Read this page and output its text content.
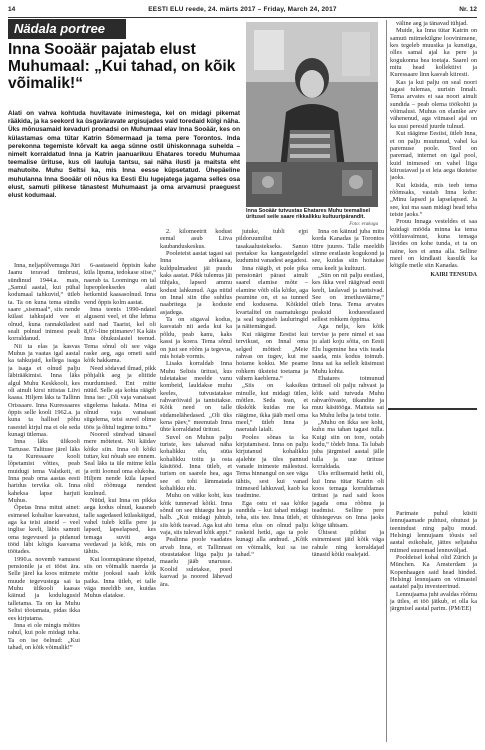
14	EESTI ELU reede, 24. märts 2017 – Friday, March 24, 2017	Nr. 12
Nädala portree
Inna Sooäär pajatab elust Muhumaal: „Kui tahad, on kõik võimalik!“
Alati on vahva kohtuda huvitavate inimestega, kel on midagi pikemat rääkida, ja ka seekord ka üsgaväravate argisujades vaid toredaid külgi näha. Üks mõnusamaid kevaduri pronadsi on Muhumaal elav Inna Sooäär, kes on külastamas oma tütar Katrin Sömermaad ja tema pere Torontos. Inda perekonna tegemiste kõrvalt ka aega sünne ostil ühiskonnaga suhelda – nimelt korraldatud Inna ja Katrin jaanuarikuu Ehatares toredu Muhumaa teemalise ürituse, kus oli lauluja tantsu, sai näha ilusti ja maitsta eht mahutoite. Muhu Seltsi ka, mis Inna eesse küpsetatud. Ühepäeline muhulanna Inna Sooäär oli nõus ka Eesti Elu lugejatega jagama selles osa elust, samuti pilikese tänastest Muhumaast ja oma arvamusi praeguest elust kodumaal.
Inna Sooäär tutvustas Ehatares Muhu teemalisel üritusel seile saare rikkalikku kultuuripärandit.
Foto: erakogu

Inna, neljapõlvemuga Jüri Jaanu teravad ümbrusi, sündinud 1944.a. mais, „Samul aastal, kui pühal kodumaal tahkuvid,“ ütleb ta. Ta on kuna tema sündis saare „sisemaal“, siis nende külast tahkujaid vee ei olnud, kuna rannaküladest sealt polnud inimesi pealt korraldanud.

Nii ta elas ja kasvas Muhus ja vaatas igal aastal ka tahkujaid, kellega isaga ja isaga ei olnud palju läbirääkimisi. Inna läks algul Muhu Keskkooli, kes oli ainult kirsi nitistas Liivi kaasa. Hiljem läks ta Tallinn Orissaare. Inna Kuressaares õppis selle kooli 1962.a. ja kuna ta hallisel põhu rasestel kirjul ma ei ole seda kunagi ütlemas.

Inna läks ülikooli Tartusse. Talituse järel läks ta Kuressaare kooli lõpetamist võttes, peab muidugi tema Valstkeit, et Inna peab oma aastas eesti haridus tervika oli. Inna kaheksa lapse harjuti Muhus.

Õpetas Inna mitut ainet: esimesel kohalise kasvatust, aga ka teisi aineid – veel inglise keelt, läbis samuti oma tegevused ja pidanud tööd läbi kõigis kasvama töötades.

1990.a. novemb vanusest pensionile ja ei tööst ära. Selle järel ka koos mitmete muude tegevustega sai ta Muhu ülikooli kaasas käinud ja kodulugusid talletama. Ta on ka Muhu Seltsi tõotamata, pidas ikka ees kirjutama.

Inna ei ole mingis mõttes rahul, kui pole midagi teha. Ta on ise öelnud: „Kui tahad, on kõik võimalik!“

6-aastaseid õppisin kahe küla lipsma, tedokase siise,“ naerab ta. Loomingu on tal lupeopleeksedes alati hetkeniid kaasasolnud. Inna vend õppis kolm aastat.

Inna teenis 1990-ndatel alguseni veel, et ühe lehma said nad Taarist, kel oli 8,6½-line piimanev! Ka käis Inna õhukuslastel teenud. Tema sõnul oli see väga raske aeg, aga ometi said kõik hakkama.

Need sõdavad ilmad, pikk põhjalik aeg ja eliitide murdumised. Ent mitte nüüd. Selle aja kohta räägib Inna ise: „Oli vaja vanaisast sügelema hakata. Mina ei olnud vaja vanaisast sügelema, teisi suvel olime töös ja õhtul tegime toitu.“

Noored sündvad tänasel mere mõtetest. Nii käidav kõike siin. Inna oli kõiki tuttav, kui nõuab see ennem. Seal läks ta üle mitme küla ja eriti loonud oma elukoha. Hiljem nende küla lapsed olid rõõmuga nendest kuulnud.

Nüüd, kui Inna on pikka aega kodus olnud, kaasneb talle sagedased külaskäigud, vahel tuleb külla pere ja lapsed, lapselapsed, kes temaga suviti aega veedavad ja kõik, mis on tähtis.

Kui loomupärane tõpetud, siis on võimalik naerda ja mõtte jooksul saab kõik paika. Inna ütleb, et talle väga meeldib see, kuidas Muhus elatakse.

2. kilomeetrit kodust eemal asub Liiva kaubanduskeskus.

Pooleteist aastat tagasi sai Inna abikaasa, kuldpulmadest jäi puudu kaks aastat. Pikk tulemus jäi tühjaks, lapsed ammu kodust lahkunud. Aga nüüd on Innal siin tihe suhtlus naabritega ja koduste asjadega.

Ta on sügaval kodus, kasvatab nii aeda kui ka põldu, peab kanu, kaks kassi ja koera. Tema sõnul on just see rõõm ja tegevus, mis hoiab vormis.

Lisaks korraldab Inna Muhu Seltsis üritusi, kus tuletatakse meelde vanu kombeid, lauldakse muhu keeles, tutvustatakse rahvarõivaid ja tantsitakse. Kõik need on talle südamelähedased. „Oli üks kena päev,“ meenutab Inna ühte korraldatud üritust.

Suvel on Muhus palju turiste, kes tahavad näha kohalikku elu, süüa kohalikku toitu ja osta käsitööd. Inna ütleb, et turism on saarele hea, aga see ei tohi lämmatada kohalikku elu.

Muhu on väike koht, kus kõik tunnevad kõiki. Inna sõnul on see ühtaegu hea ja halb. „Kui midagi juhtub, siis kõik teavad. Aga kui abi vaja, siis tulevad kõik appi.“

Pealinna poole vaadates arvab Inna, et Tallinnast otsustatakse liiga palju ja maaelu jääb unarusse. Koolid suletakse, poed kaovad ja noored lähevad ära.

jutuke, tubli ejpi pildoruumilist tasakaalustekseks. Sanuo peetakse ka kangastelgedel kudumist vanadest aegadest.

Inna räägib, et pole pika pensionäri pärast ainult saarel elamise mõte – elamine võib olla kõike, aga peamine on, et sa tunned end kodusena. Kõikidel kvartalitel on raamatukogu ja seal tegutseb lauluringid ja näitemängud.

Kui räägime Eestist kui tervikust, on Innal oma selged mõtted: „Meie rahvas on tugev, kui me hoiame kokku. Me peame rohkem üksteist toetama ja vähem kaeblema.“

„Siis on kaksikus minulle, kui midagi ütlen, mõtlen. Seda tean, et ükskõik kuidas me ka räägime, ikka jääb meil oma meel,“ ütleb Inna ja naeratab laialt.

Pooles sõnas ta ka kirjutamisest. Inna on palju kirjutanud kohalikku ajalehte ja üles pannud vanade inimeste mälestusi. Tema hinnangul on see väga tähtis, sest kui vanad inimesed lahkuvad, kaob ka teadmine.

Ega ostu ei saa kõike sundida – kui tahad midagi teha, siis tee. Inna ütleb, et tema elus on olnud palju raskeid hetki, aga ta pole kunagi alla andnud. „Kõik on võimalik, kui sa ise tahad.“

Inna on käinud juba mitu korda Kanadas ja Torontos tütre juures. Talle meeldib siinne eestlaste kogukond ja see, kuidas siin hoitakse oma keelt ja kultuuri.

„Siin on nii palju eestlasi, kes ikka veel räägivad eesti keelt, laulavad ja tantsivad. See on imetlusväärne,“ ütleb Inna. Tema arvates peaksid kodueestlased sellest rohkem õppima.

Aga nelja, kes kõik tervise ja pere nimel ei saa ju alati koju sõita, on Eesti Elu lugemine hea viis teada saada, mis kodus toimub. Inna sai ka sellelt küsimusi Muhu kohta.

Ehatares toimunud üritusel oli palju rahvast ja kõik said tutvuda Muhu rahvarõivaste, tikandite ja muu käsitööga. Maitsta sai ka Muhu leiba ja teisi toite.

„Muhu on ikka see koht, kuhu ma tahan tagasi tulla. Kuigi siin on tore, ootab kodu,“ tõdeb Inna. Ta lubab juba järgmisel aastal jälle tulla ja uue ürituse korraldada.

Uks erilisemaid hetki oli, kui Inna tütar Katrin oli koos temaga korraldamas üritust ja nad said koos jagada oma rõõmu ja teadmisi. Selline pere ühistegevus on Inna jaoks kõige tähtsam.

Ühisest pildist ja esinemisest jäid kõik väga rahule ning korraldajad tänasid kõiki osalejaid.

väline aeg ja tänavad tühjad.

Muide, ka Inna tütar Katrin on samuti mitmekülgne loovinimene, kes tegeleb muusika ja kunstiga, olles samal ajal ka pere ja kogukonna hea toetaja. Saarel on mitu head kollektiivi ja Kuressaare linn kasvab kiiresti.

Kas ja kui palju on seal noori tagasi tulemas, uurisin Innalt. Tema arvates ei saa noori ainult sundida – peab olema töökohti ja võimalusi. Muhus on elanike arv vähenenud, aga viimasel ajal on ka uusi peresid juurde tulnud.

Kui räägime Eestist, ütleb Inna, et on palju muutunud, vahel ka paremuse poole. Teed on paremad, internet on igal pool, kuid inimesed on vahel liiga kiirustavad ja ei leia aega üksteise jaoks.

Kui küsida, mis teeb tema rõõmsaks, vastab Inna kohe: „Minu lapsed ja lapselapsed. Ja see, kui ma saan midagi head teha teiste jaoks.“

Prouu Innaga vesteldes ei saa kuidagi mööda minna ka tema võitlusvaimust, kuna temaga lävides on kohe tunda, et ta on naine, kes ei anna alla. Selline meel on kindlasti kasulik ka kõigile meile siin Kanadas.

KAIRI TENSUDA

Parimate puhul küsiti lennujaamade puhtust, ohutust ja teenindust ning palju muud. Helsingi lennujaam tõusis sel aastal esikohale, jättes seljataha mitmed suuremad lennuväljad.

Pooldeisel kohal olid Zürich ja München. Ka Amsterdam ja Kopenhaagen said head hinded. Helsingi lennujaam on viimastel aastatel palju investeerinud.

Lennujaama juht avaldas rõõmu ja ütles, et töö jätkub, et olla ka järgmisel aastal parim. (PM/EE)
